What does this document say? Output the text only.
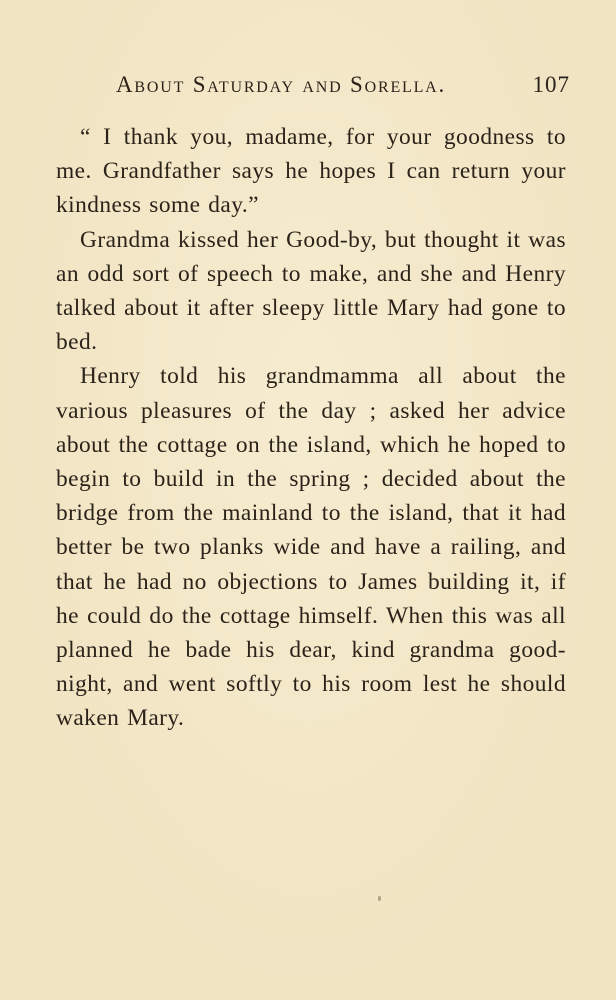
About Saturday and Sorella.	107

“ I thank you, madame, for your goodness to me. Grandfather says he hopes I can return your kindness some day.”

Grandma kissed her Good-by, but thought it was an odd sort of speech to make, and she and Henry talked about it after sleepy little Mary had gone to bed.

Henry told his grandmamma all about the various pleasures of the day ; asked her advice about the cottage on the island, which he hoped to begin to build in the spring ; decided about the bridge from the mainland to the island, that it had better be two planks wide and have a railing, and that he had no objections to James building it, if he could do the cottage himself. When this was all planned he bade his dear, kind grandma good-night, and went softly to his room lest he should waken Mary.
